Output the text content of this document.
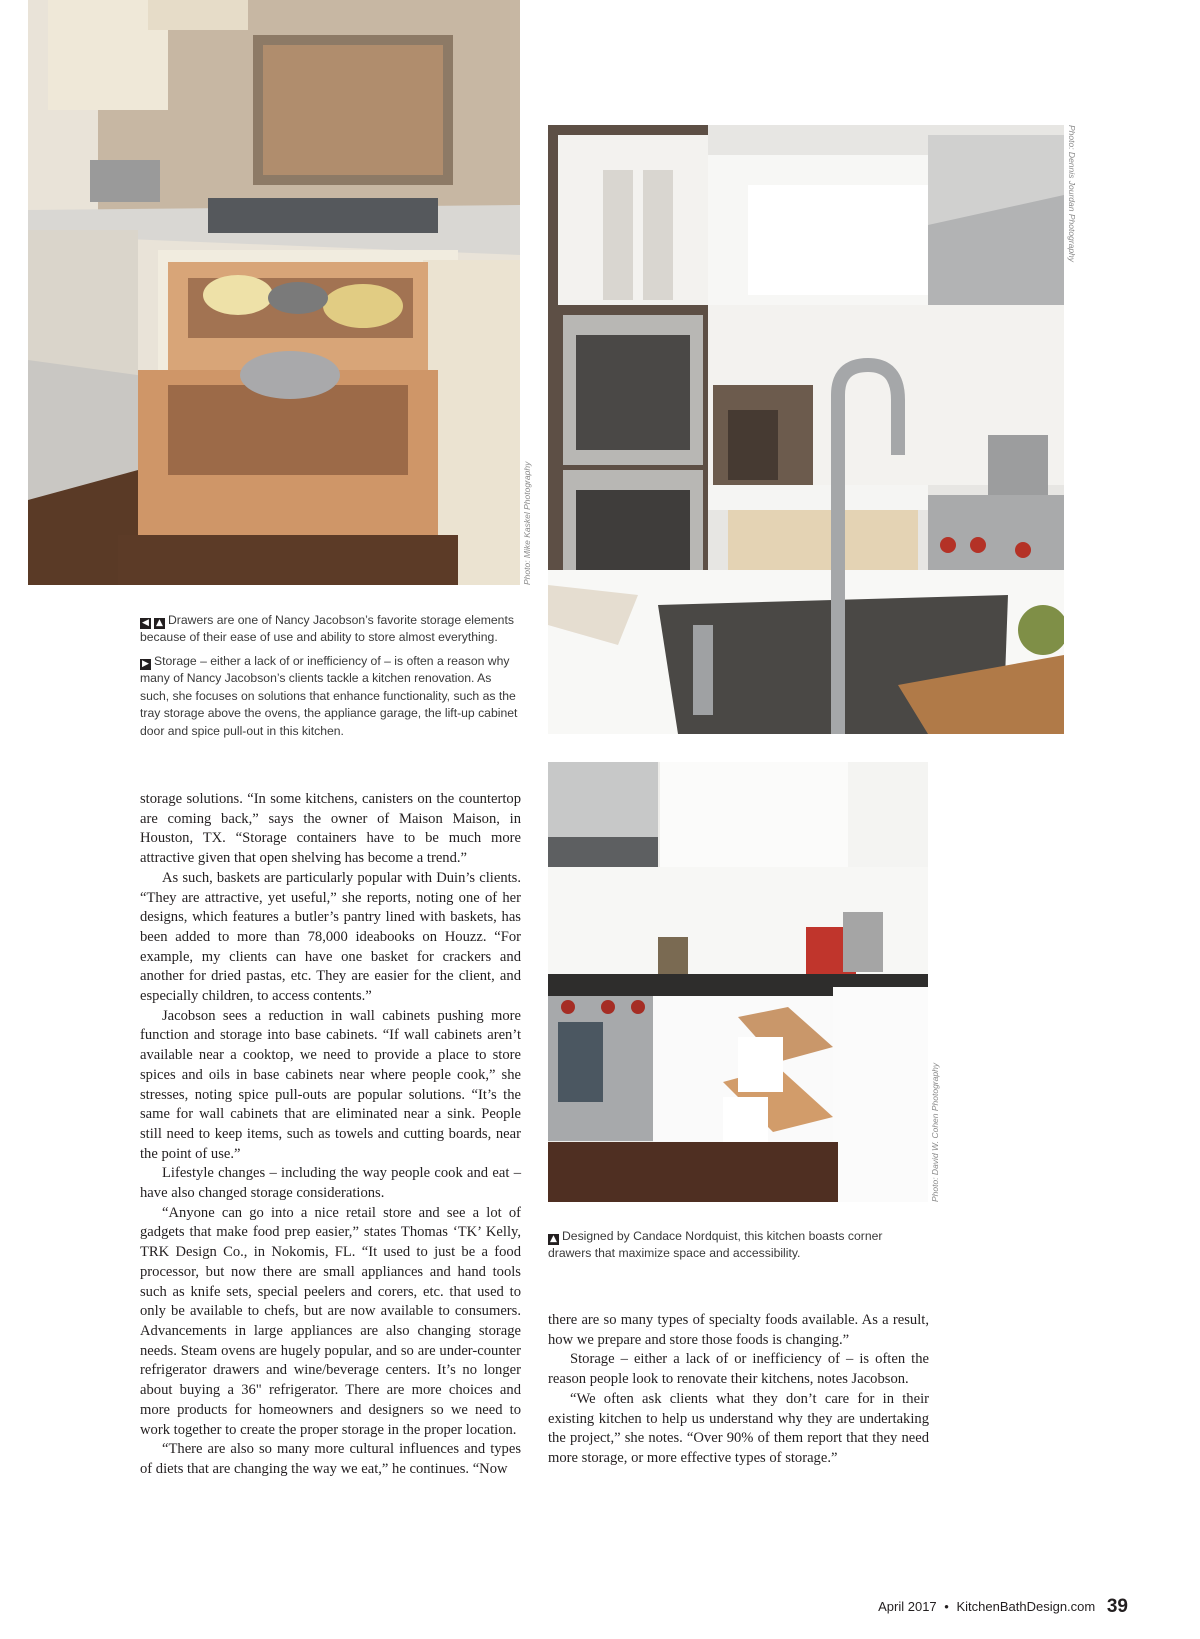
Photo: Mike Kaskel Photography
Photo: Dennis Jourdan Photography
Photo: David W. Cohen Photography

◀ ▲ Drawers are one of Nancy Jacobson’s favorite storage elements because of their ease of use and ability to store almost everything.

▶ Storage – either a lack of or inefficiency of – is often a reason why many of Nancy Jacobson’s clients tackle a kitchen renovation. As such, she focuses on solutions that enhance functionality, such as the tray storage above the ovens, the appliance garage, the lift-up cabinet door and spice pull-out in this kitchen.

▲ Designed by Candace Nordquist, this kitchen boasts corner drawers that maximize space and accessibility.

storage solutions. “In some kitchens, canisters on the countertop are coming back,” says the owner of Maison Maison, in Houston, TX. “Storage containers have to be much more attractive given that open shelving has become a trend.”

As such, baskets are particularly popular with Duin’s clients. “They are attractive, yet useful,” she reports, noting one of her designs, which features a butler’s pantry lined with baskets, has been added to more than 78,000 ideabooks on Houzz. “For example, my clients can have one basket for crackers and another for dried pastas, etc. They are easier for the client, and especially children, to access contents.”

Jacobson sees a reduction in wall cabinets pushing more function and storage into base cabinets. “If wall cabinets aren’t available near a cooktop, we need to provide a place to store spices and oils in base cabinets near where people cook,” she stresses, noting spice pull-outs are popular solutions. “It’s the same for wall cabinets that are eliminated near a sink. People still need to keep items, such as towels and cutting boards, near the point of use.”

Lifestyle changes – including the way people cook and eat – have also changed storage considerations.

“Anyone can go into a nice retail store and see a lot of gadgets that make food prep easier,” states Thomas ‘TK’ Kelly, TRK Design Co., in Nokomis, FL. “It used to just be a food processor, but now there are small appliances and hand tools such as knife sets, special peelers and corers, etc. that used to only be available to chefs, but are now available to consumers. Advancements in large appliances are also changing storage needs. Steam ovens are hugely popular, and so are under-counter refrigerator drawers and wine/beverage centers. It’s no longer about buying a 36" refrigerator. There are more choices and more products for homeowners and designers so we need to work together to create the proper storage in the proper location.

“There are also so many more cultural influences and types of diets that are changing the way we eat,” he continues. “Now

there are so many types of specialty foods available. As a result, how we prepare and store those foods is changing.”

Storage – either a lack of or inefficiency of – is often the reason people look to renovate their kitchens, notes Jacobson.

“We often ask clients what they don’t care for in their existing kitchen to help us understand why they are undertaking the project,” she notes. “Over 90% of them report that they need more storage, or more effective types of storage.”

April 2017 • KitchenBathDesign.com 39
